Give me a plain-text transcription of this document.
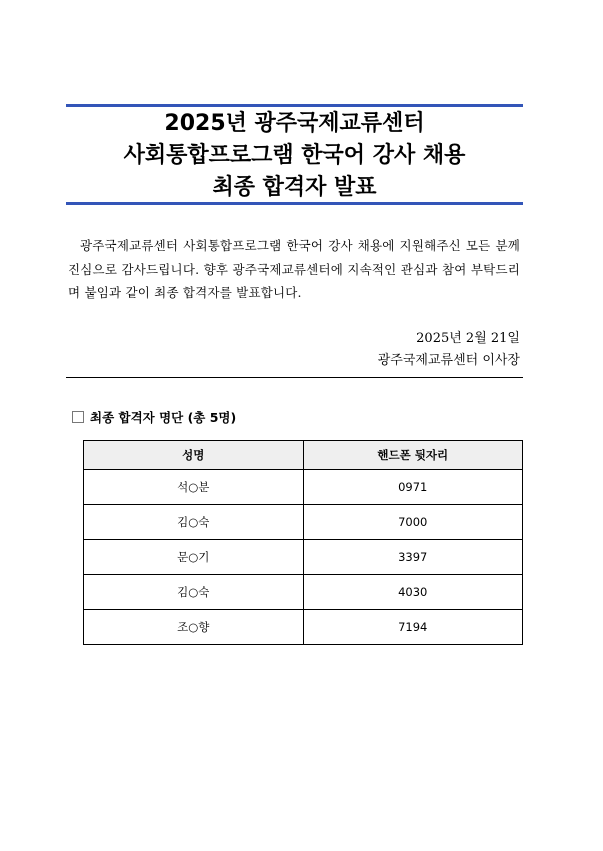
2025년 광주국제교류센터
사회통합프로그램 한국어 강사 채용
최종 합격자 발표
광주국제교류센터 사회통합프로그램 한국어 강사 채용에 지원해주신 모든 분께 진심으로 감사드립니다. 향후 광주국제교류센터에 지속적인 관심과 참여 부탁드리며 붙임과 같이 최종 합격자를 발표합니다.
2025년 2월 21일
광주국제교류센터 이사장
최종 합격자 명단 (총 5명)
성명	핸드폰 뒷자리
석○분	0971
김○숙	7000
문○기	3397
김○숙	4030
조○향	7194
